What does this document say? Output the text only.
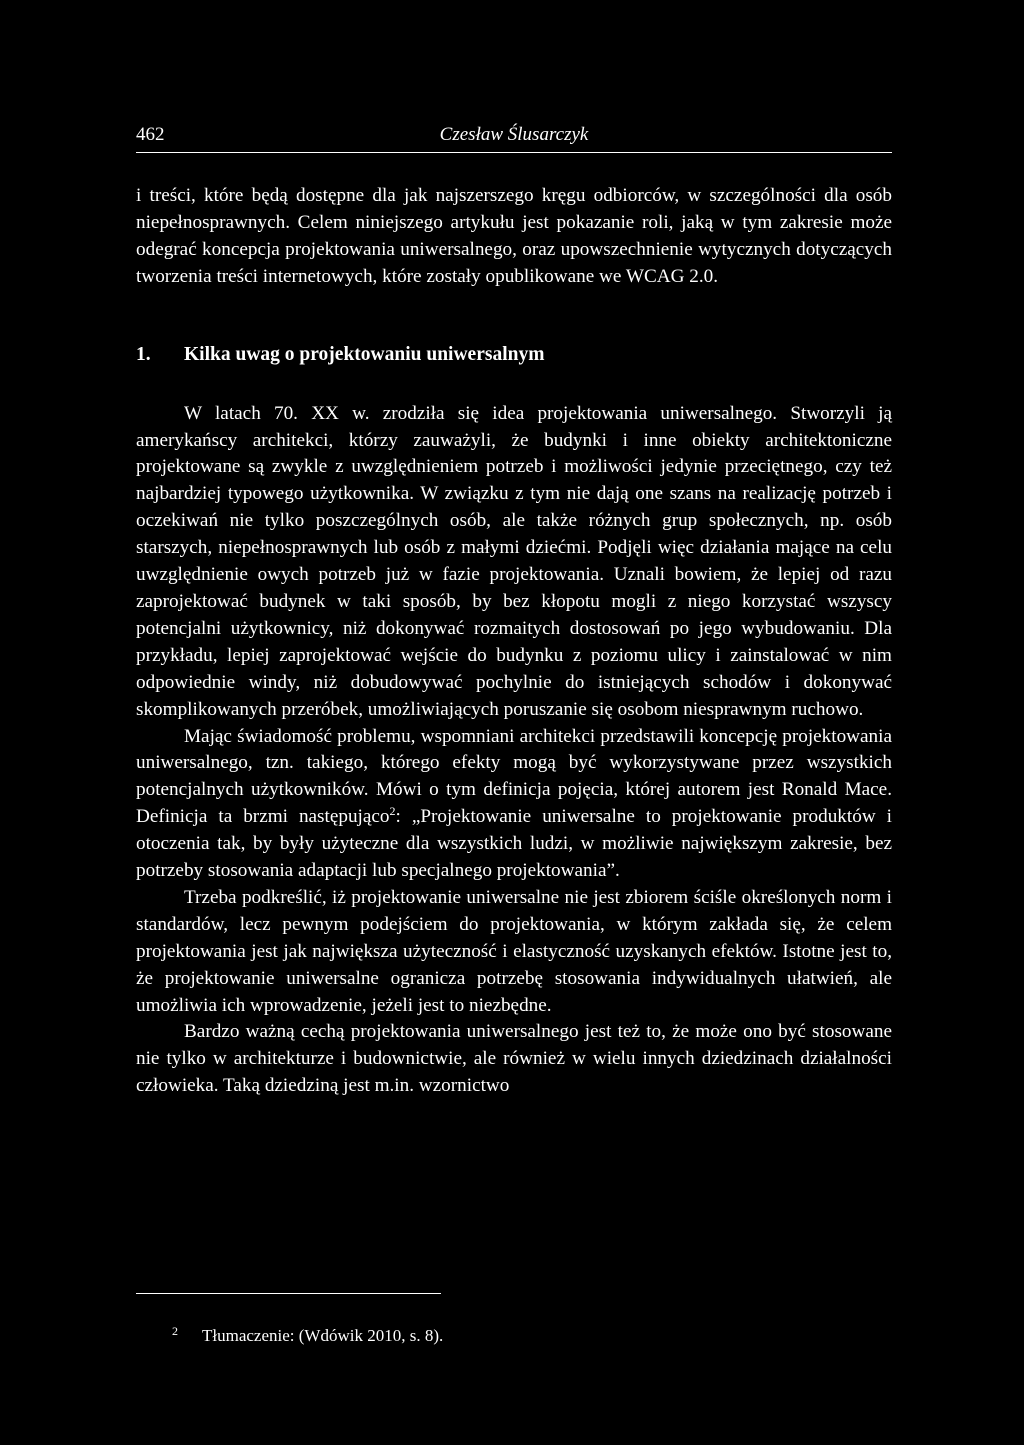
462	Czesław Ślusarczyk

i treści, które będą dostępne dla jak najszerszego kręgu odbiorców, w szczególności dla osób niepełnosprawnych. Celem niniejszego artykułu jest pokazanie roli, jaką w tym zakresie może odegrać koncepcja projektowania uniwersalnego, oraz upowszechnienie wytycznych dotyczących tworzenia treści internetowych, które zostały opublikowane we WCAG 2.0.

1. Kilka uwag o projektowaniu uniwersalnym

W latach 70. XX w. zrodziła się idea projektowania uniwersalnego. Stworzyli ją amerykańscy architekci, którzy zauważyli, że budynki i inne obiekty architektoniczne projektowane są zwykle z uwzględnieniem potrzeb i możliwości jedynie przeciętnego, czy też najbardziej typowego użytkownika. W związku z tym nie dają one szans na realizację potrzeb i oczekiwań nie tylko poszczególnych osób, ale także różnych grup społecznych, np. osób starszych, niepełnosprawnych lub osób z małymi dziećmi. Podjęli więc działania mające na celu uwzględnienie owych potrzeb już w fazie projektowania. Uznali bowiem, że lepiej od razu zaprojektować budynek w taki sposób, by bez kłopotu mogli z niego korzystać wszyscy potencjalni użytkownicy, niż dokonywać rozmaitych dostosowań po jego wybudowaniu. Dla przykładu, lepiej zaprojektować wejście do budynku z poziomu ulicy i zainstalować w nim odpowiednie windy, niż dobudowywać pochylnie do istniejących schodów i dokonywać skomplikowanych przeróbek, umożliwiających poruszanie się osobom niesprawnym ruchowo.

Mając świadomość problemu, wspomniani architekci przedstawili koncepcję projektowania uniwersalnego, tzn. takiego, którego efekty mogą być wykorzystywane przez wszystkich potencjalnych użytkowników. Mówi o tym definicja pojęcia, której autorem jest Ronald Mace. Definicja ta brzmi następująco$^2$: „Projektowanie uniwersalne to projektowanie produktów i otoczenia tak, by były użyteczne dla wszystkich ludzi, w możliwie największym zakresie, bez potrzeby stosowania adaptacji lub specjalnego projektowania”.

Trzeba podkreślić, iż projektowanie uniwersalne nie jest zbiorem ściśle określonych norm i standardów, lecz pewnym podejściem do projektowania, w którym zakłada się, że celem projektowania jest jak największa użyteczność i elastyczność uzyskanych efektów. Istotne jest to, że projektowanie uniwersalne ogranicza potrzebę stosowania indywidualnych ułatwień, ale umożliwia ich wprowadzenie, jeżeli jest to niezbędne.

Bardzo ważną cechą projektowania uniwersalnego jest też to, że może ono być stosowane nie tylko w architekturze i budownictwie, ale również w wielu innych dziedzinach działalności człowieka. Taką dziedziną jest m.in. wzornictwo

2 Tłumaczenie: (Wdówik 2010, s. 8).
